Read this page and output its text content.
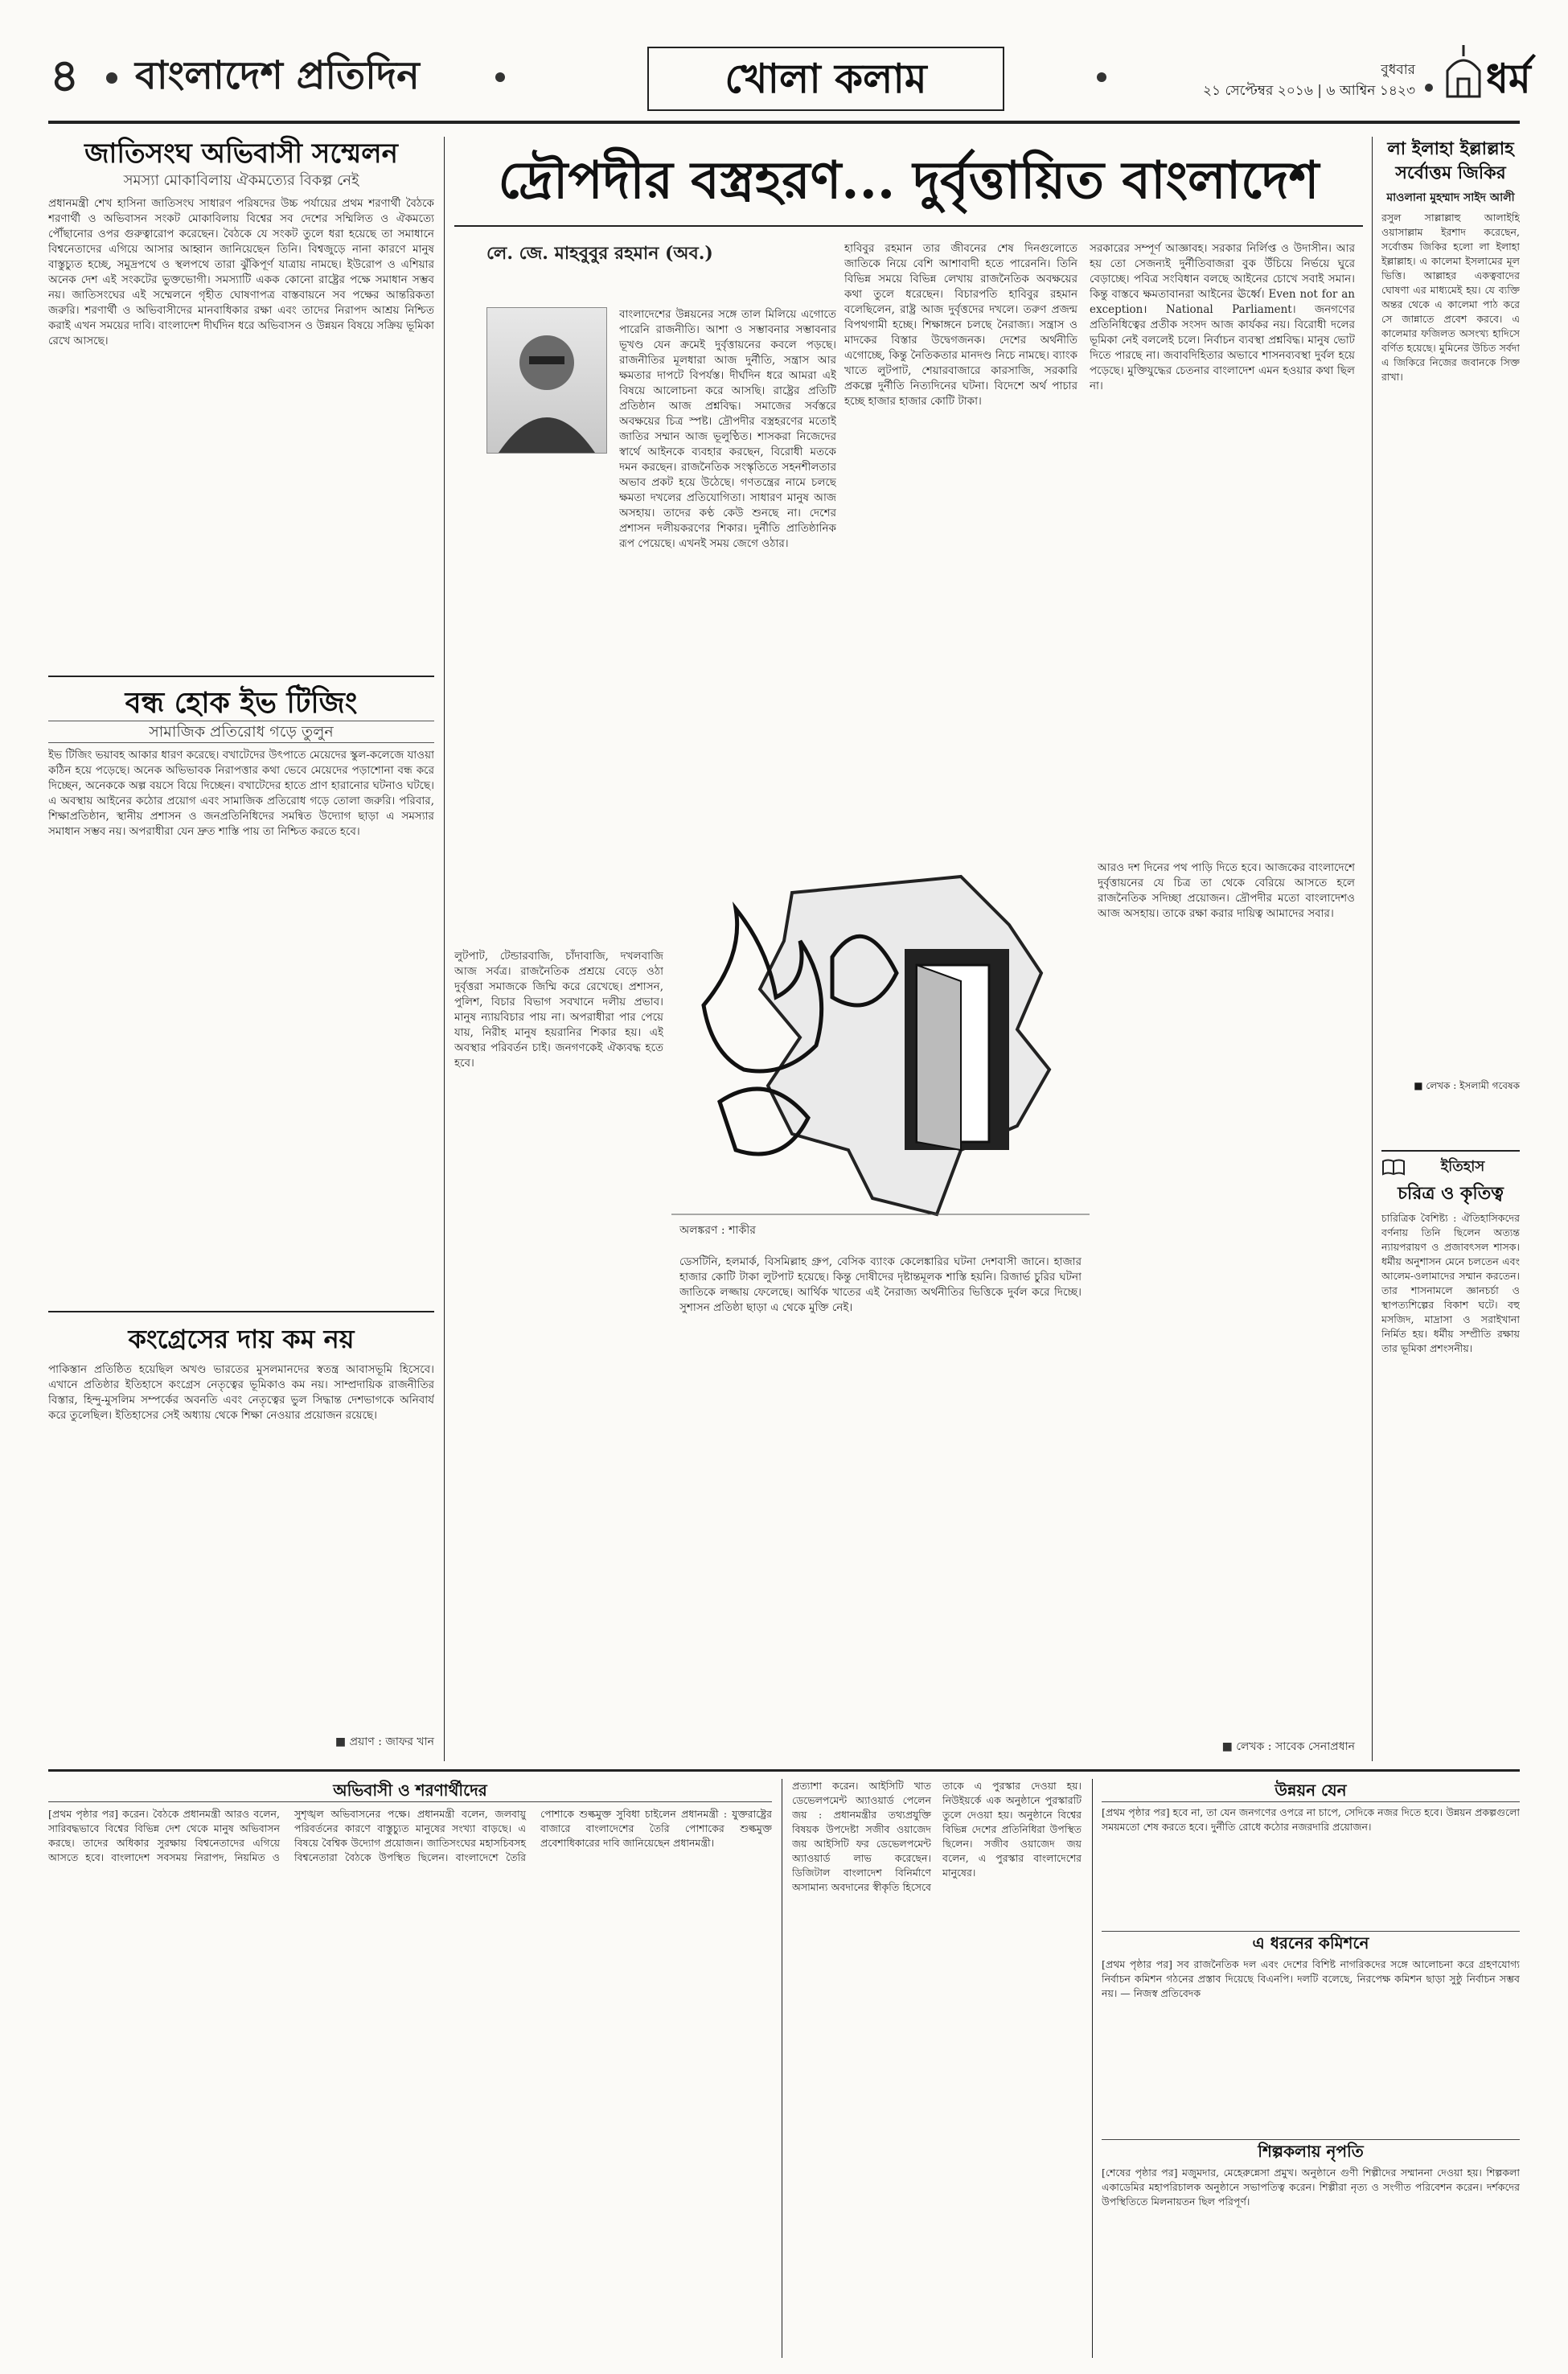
৪ বাংলাদেশ প্রতিদিন	খোলা কলাম	বুধবার
২১ সেপ্টেম্বর ২০১৬ | ৬ আশ্বিন ১৪২৩ ধর্ম
জাতিসংঘ অভিবাসী সম্মেলন
সমস্যা মোকাবিলায় ঐকমত্যের বিকল্প নেই
প্রধানমন্ত্রী শেখ হাসিনা জাতিসংঘ সাধারণ পরিষদের উচ্চ পর্যায়ের প্রথম শরণার্থী বৈঠকে শরণার্থী ও অভিবাসন সংকট মোকাবিলায় বিশ্বের সব দেশের সম্মিলিত ও ঐকমত্যে পৌঁছানোর ওপর গুরুত্বারোপ করেছেন। বৈঠকে যে সংকট তুলে ধরা হয়েছে তা সমাধানে বিশ্বনেতাদের এগিয়ে আসার আহ্বান জানিয়েছেন তিনি। বিশ্বজুড়ে নানা কারণে মানুষ বাস্তুচ্যুত হচ্ছে, সমুদ্রপথে ও স্থলপথে তারা ঝুঁকিপূর্ণ যাত্রায় নামছে। ইউরোপ ও এশিয়ার অনেক দেশ এই সংকটের ভুক্তভোগী। সমস্যাটি একক কোনো রাষ্ট্রের পক্ষে সমাধান সম্ভব নয়। জাতিসংঘের এই সম্মেলনে গৃহীত ঘোষণাপত্র বাস্তবায়নে সব পক্ষের আন্তরিকতা জরুরি। শরণার্থী ও অভিবাসীদের মানবাধিকার রক্ষা এবং তাদের নিরাপদ আশ্রয় নিশ্চিত করাই এখন সময়ের দাবি। বাংলাদেশ দীর্ঘদিন ধরে অভিবাসন ও উন্নয়ন বিষয়ে সক্রিয় ভূমিকা রেখে আসছে।
বন্ধ হোক ইভ টিজিং
সামাজিক প্রতিরোধ গড়ে তুলুন
ইভ টিজিং ভয়াবহ আকার ধারণ করেছে। বখাটেদের উৎপাতে মেয়েদের স্কুল-কলেজে যাওয়া কঠিন হয়ে পড়েছে। অনেক অভিভাবক নিরাপত্তার কথা ভেবে মেয়েদের পড়াশোনা বন্ধ করে দিচ্ছেন, অনেককে অল্প বয়সে বিয়ে দিচ্ছেন। বখাটেদের হাতে প্রাণ হারানোর ঘটনাও ঘটছে। এ অবস্থায় আইনের কঠোর প্রয়োগ এবং সামাজিক প্রতিরোধ গড়ে তোলা জরুরি। পরিবার, শিক্ষাপ্রতিষ্ঠান, স্থানীয় প্রশাসন ও জনপ্রতিনিধিদের সমন্বিত উদ্যোগ ছাড়া এ সমস্যার সমাধান সম্ভব নয়। অপরাধীরা যেন দ্রুত শাস্তি পায় তা নিশ্চিত করতে হবে।
কংগ্রেসের দায় কম নয়
পাকিস্তান প্রতিষ্ঠিত হয়েছিল অখণ্ড ভারতের মুসলমানদের স্বতন্ত্র আবাসভূমি হিসেবে। এখানে প্রতিষ্ঠার ইতিহাসে কংগ্রেস নেতৃত্বের ভূমিকাও কম নয়। সাম্প্রদায়িক রাজনীতির বিস্তার, হিন্দু-মুসলিম সম্পর্কের অবনতি এবং নেতৃত্বের ভুল সিদ্ধান্ত দেশভাগকে অনিবার্য করে তুলেছিল। ইতিহাসের সেই অধ্যায় থেকে শিক্ষা নেওয়ার প্রয়োজন রয়েছে।
■ প্রয়াণ : জাফর খান
দ্রৌপদীর বস্ত্রহরণ... দুর্বৃত্তায়িত বাংলাদেশ
লে. জে. মাহবুবুর রহমান (অব.)
বাংলাদেশের উন্নয়নের সঙ্গে তাল মিলিয়ে এগোতে পারেনি রাজনীতি। আশা ও সম্ভাবনার সম্ভাবনার ভূখণ্ড যেন ক্রমেই দুর্বৃত্তায়নের কবলে পড়ছে। রাজনীতির মূলধারা আজ দুর্নীতি, সন্ত্রাস আর ক্ষমতার দাপটে বিপর্যস্ত। দীর্ঘদিন ধরে আমরা এই বিষয়ে আলোচনা করে আসছি। রাষ্ট্রের প্রতিটি প্রতিষ্ঠান আজ প্রশ্নবিদ্ধ। সমাজের সর্বস্তরে অবক্ষয়ের চিত্র স্পষ্ট। দ্রৌপদীর বস্ত্রহরণের মতোই জাতির সম্মান আজ ভূলুণ্ঠিত। শাসকরা নিজেদের স্বার্থে আইনকে ব্যবহার করছেন, বিরোধী মতকে দমন করছেন। রাজনৈতিক সংস্কৃতিতে সহনশীলতার অভাব প্রকট হয়ে উঠেছে। গণতন্ত্রের নামে চলছে ক্ষমতা দখলের প্রতিযোগিতা। সাধারণ মানুষ আজ অসহায়। তাদের কণ্ঠ কেউ শুনছে না। দেশের প্রশাসন দলীয়করণের শিকার। দুর্নীতি প্রাতিষ্ঠানিক রূপ পেয়েছে। এখনই সময় জেগে ওঠার।
হাবিবুর রহমান তার জীবনের শেষ দিনগুলোতে জাতিকে নিয়ে বেশি আশাবাদী হতে পারেননি। তিনি বিভিন্ন সময়ে বিভিন্ন লেখায় রাজনৈতিক অবক্ষয়ের কথা তুলে ধরেছেন। বিচারপতি হাবিবুর রহমান বলেছিলেন, রাষ্ট্র আজ দুর্বৃত্তদের দখলে। তরুণ প্রজন্ম বিপথগামী হচ্ছে। শিক্ষাঙ্গনে চলছে নৈরাজ্য। সন্ত্রাস ও মাদকের বিস্তার উদ্বেগজনক। দেশের অর্থনীতি এগোচ্ছে, কিন্তু নৈতিকতার মানদণ্ড নিচে নামছে। ব্যাংক খাতে লুটপাট, শেয়ারবাজারে কারসাজি, সরকারি প্রকল্পে দুর্নীতি নিত্যদিনের ঘটনা। বিদেশে অর্থ পাচার হচ্ছে হাজার হাজার কোটি টাকা।
সরকারের সম্পূর্ণ আজ্ঞাবহ। সরকার নির্লিপ্ত ও উদাসীন। আর হয় তো সেজন্যই দুর্নীতিবাজরা বুক উঁচিয়ে নির্ভয়ে ঘুরে বেড়াচ্ছে। পবিত্র সংবিধান বলছে আইনের চোখে সবাই সমান। কিন্তু বাস্তবে ক্ষমতাবানরা আইনের ঊর্ধ্বে। Even not for an exception। National Parliament। জনগণের প্রতিনিধিত্বের প্রতীক সংসদ আজ কার্যকর নয়। বিরোধী দলের ভূমিকা নেই বললেই চলে। নির্বাচন ব্যবস্থা প্রশ্নবিদ্ধ। মানুষ ভোট দিতে পারছে না। জবাবদিহিতার অভাবে শাসনব্যবস্থা দুর্বল হয়ে পড়েছে। মুক্তিযুদ্ধের চেতনার বাংলাদেশ এমন হওয়ার কথা ছিল না।
অলঙ্করণ : শাকীর
লুটপাট, টেন্ডারবাজি, চাঁদাবাজি, দখলবাজি আজ সর্বত্র। রাজনৈতিক প্রশ্রয়ে বেড়ে ওঠা দুর্বৃত্তরা সমাজকে জিম্মি করে রেখেছে। প্রশাসন, পুলিশ, বিচার বিভাগ সবখানে দলীয় প্রভাব। মানুষ ন্যায়বিচার পায় না। অপরাধীরা পার পেয়ে যায়, নিরীহ মানুষ হয়রানির শিকার হয়। এই অবস্থার পরিবর্তন চাই। জনগণকেই ঐক্যবদ্ধ হতে হবে।
ডেসটিনি, হলমার্ক, বিসমিল্লাহ গ্রুপ, বেসিক ব্যাংক কেলেঙ্কারির ঘটনা দেশবাসী জানে। হাজার হাজার কোটি টাকা লুটপাট হয়েছে। কিন্তু দোষীদের দৃষ্টান্তমূলক শাস্তি হয়নি। রিজার্ভ চুরির ঘটনা জাতিকে লজ্জায় ফেলেছে। আর্থিক খাতের এই নৈরাজ্য অর্থনীতির ভিত্তিকে দুর্বল করে দিচ্ছে। সুশাসন প্রতিষ্ঠা ছাড়া এ থেকে মুক্তি নেই।
আরও দশ দিনের পথ পাড়ি দিতে হবে। আজকের বাংলাদেশে দুর্বৃত্তায়নের যে চিত্র তা থেকে বেরিয়ে আসতে হলে রাজনৈতিক সদিচ্ছা প্রয়োজন। দ্রৌপদীর মতো বাংলাদেশও আজ অসহায়। তাকে রক্ষা করার দায়িত্ব আমাদের সবার।
■ লেখক : সাবেক সেনাপ্রধান
লা ইলাহা ইল্লাল্লাহ সর্বোত্তম জিকির
মাওলানা মুহম্মাদ সাইদ আলী
রসুল সাল্লাল্লাহু আলাইহি ওয়াসাল্লাম ইরশাদ করেছেন, সর্বোত্তম জিকির হলো লা ইলাহা ইল্লাল্লাহ। এ কালেমা ইসলামের মূল ভিত্তি। আল্লাহর একত্ববাদের ঘোষণা এর মাধ্যমেই হয়। যে ব্যক্তি অন্তর থেকে এ কালেমা পাঠ করে সে জান্নাতে প্রবেশ করবে। এ কালেমার ফজিলত অসংখ্য হাদিসে বর্ণিত হয়েছে। মুমিনের উচিত সর্বদা এ জিকিরে নিজের জবানকে সিক্ত রাখা।
■ লেখক : ইসলামী গবেষক
ইতিহাস
চরিত্র ও কৃতিত্ব
চারিত্রিক বৈশিষ্ট্য : ঐতিহাসিকদের বর্ণনায় তিনি ছিলেন অত্যন্ত ন্যায়পরায়ণ ও প্রজাবৎসল শাসক। ধর্মীয় অনুশাসন মেনে চলতেন এবং আলেম-ওলামাদের সম্মান করতেন। তার শাসনামলে জ্ঞানচর্চা ও স্থাপত্যশিল্পের বিকাশ ঘটে। বহু মসজিদ, মাদ্রাসা ও সরাইখানা নির্মিত হয়। ধর্মীয় সম্প্রীতি রক্ষায় তার ভূমিকা প্রশংসনীয়।
অভিবাসী ও শরণার্থীদের
[প্রথম পৃষ্ঠার পর] করেন। বৈঠকে প্রধানমন্ত্রী আরও বলেন, সারিবদ্ধভাবে বিশ্বের বিভিন্ন দেশ থেকে মানুষ অভিবাসন করছে। তাদের অধিকার সুরক্ষায় বিশ্বনেতাদের এগিয়ে আসতে হবে। বাংলাদেশ সবসময় নিরাপদ, নিয়মিত ও সুশৃঙ্খল অভিবাসনের পক্ষে। প্রধানমন্ত্রী বলেন, জলবায়ু পরিবর্তনের কারণে বাস্তুচ্যুত মানুষের সংখ্যা বাড়ছে। এ বিষয়ে বৈশ্বিক উদ্যোগ প্রয়োজন। জাতিসংঘের মহাসচিবসহ বিশ্বনেতারা বৈঠকে উপস্থিত ছিলেন। বাংলাদেশে তৈরি পোশাকে শুল্কমুক্ত সুবিধা চাইলেন প্রধানমন্ত্রী : যুক্তরাষ্ট্রের বাজারে বাংলাদেশের তৈরি পোশাকের শুল্কমুক্ত প্রবেশাধিকারের দাবি জানিয়েছেন প্রধানমন্ত্রী।
প্রত্যাশা করেন। আইসিটি খাত ডেভেলপমেন্ট অ্যাওয়ার্ড পেলেন জয় : প্রধানমন্ত্রীর তথ্যপ্রযুক্তি বিষয়ক উপদেষ্টা সজীব ওয়াজেদ জয় আইসিটি ফর ডেভেলপমেন্ট অ্যাওয়ার্ড লাভ করেছেন। ডিজিটাল বাংলাদেশ বিনির্মাণে অসামান্য অবদানের স্বীকৃতি হিসেবে তাকে এ পুরস্কার দেওয়া হয়। নিউইয়র্কে এক অনুষ্ঠানে পুরস্কারটি তুলে দেওয়া হয়। অনুষ্ঠানে বিশ্বের বিভিন্ন দেশের প্রতিনিধিরা উপস্থিত ছিলেন। সজীব ওয়াজেদ জয় বলেন, এ পুরস্কার বাংলাদেশের মানুষের।
উন্নয়ন যেন
[প্রথম পৃষ্ঠার পর] হবে না, তা যেন জনগণের ওপরে না চাপে, সেদিকে নজর দিতে হবে। উন্নয়ন প্রকল্পগুলো সময়মতো শেষ করতে হবে। দুর্নীতি রোধে কঠোর নজরদারি প্রয়োজন।
এ ধরনের কমিশনে
[প্রথম পৃষ্ঠার পর] সব রাজনৈতিক দল এবং দেশের বিশিষ্ট নাগরিকদের সঙ্গে আলোচনা করে গ্রহণযোগ্য নির্বাচন কমিশন গঠনের প্রস্তাব দিয়েছে বিএনপি। দলটি বলেছে, নিরপেক্ষ কমিশন ছাড়া সুষ্ঠু নির্বাচন সম্ভব নয়। — নিজস্ব প্রতিবেদক
শিল্পকলায় নৃপতি
[শেষের পৃষ্ঠার পর] মজুমদার, মেহেরুন্নেসা প্রমুখ। অনুষ্ঠানে গুণী শিল্পীদের সম্মাননা দেওয়া হয়। শিল্পকলা একাডেমির মহাপরিচালক অনুষ্ঠানে সভাপতিত্ব করেন। শিল্পীরা নৃত্য ও সংগীত পরিবেশন করেন। দর্শকদের উপস্থিতিতে মিলনায়তন ছিল পরিপূর্ণ।
